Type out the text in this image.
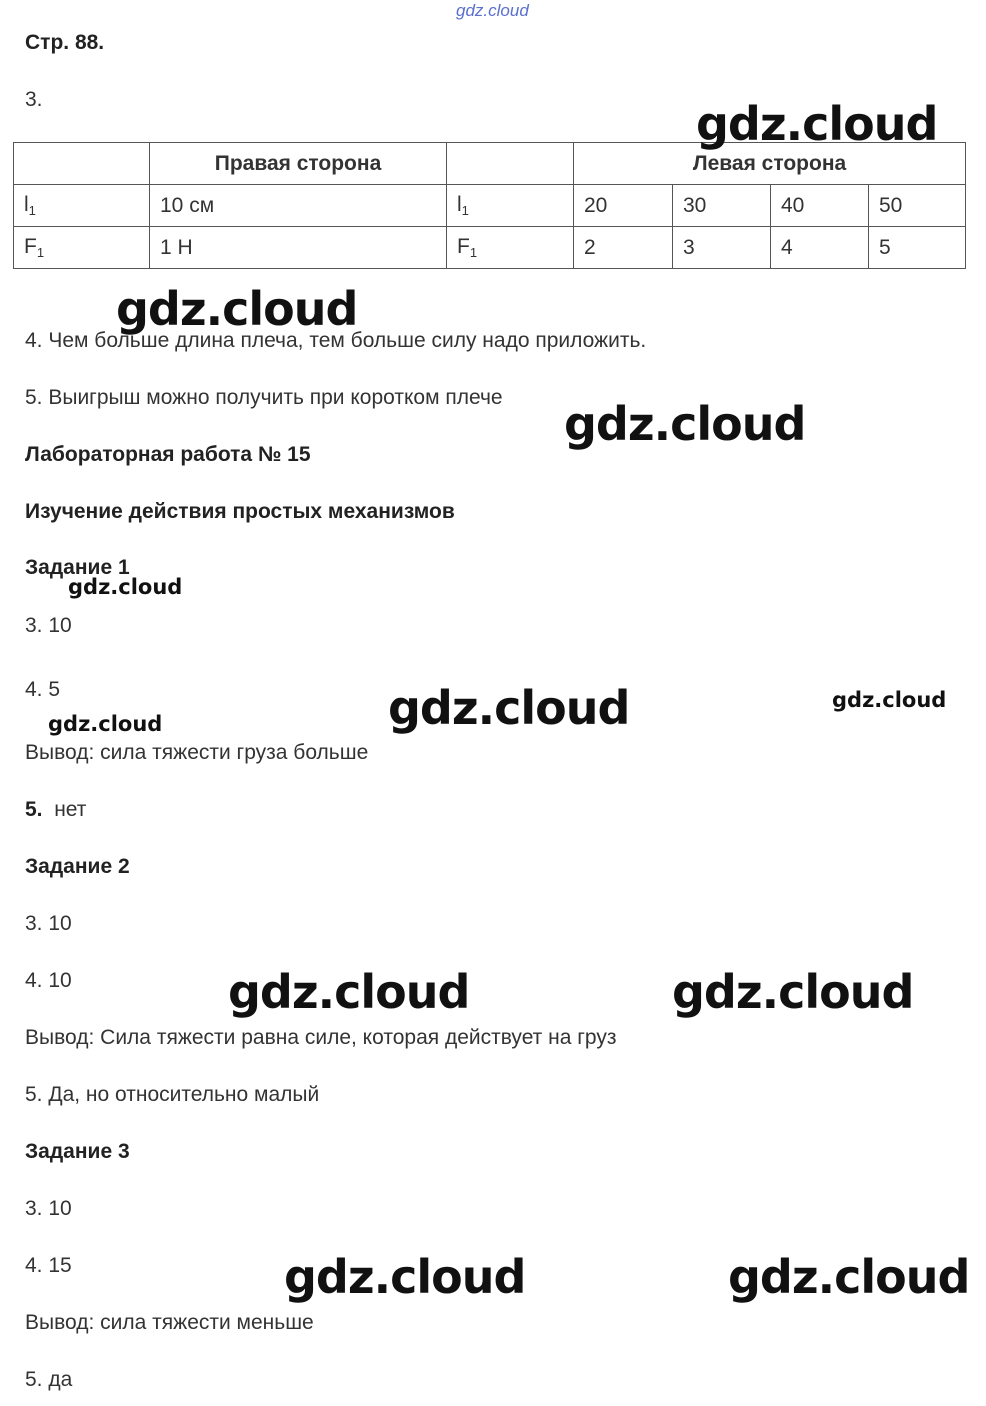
gdz.cloud
Стр. 88.
3.
	Правая сторона		Левая сторона			
$l_1$	10 см	$l_1$	20	30	40	50
$F_1$	1 Н	$F_1$	2	3	4	5
4. Чем больше длина плеча, тем больше силу надо приложить.
5. Выигрыш можно получить при коротком плече
Лабораторная работа № 15
Изучение действия простых механизмов
Задание 1
3. 10
4. 5
Вывод: сила тяжести груза больше
5. нет
Задание 2
3. 10
4. 10
Вывод: Сила тяжести равна силе, которая действует на груз
5. Да, но относительно малый
Задание 3
3. 10
4. 15
Вывод: сила тяжести меньше
5. да
gdz.cloud
gdz.cloud
gdz.cloud
gdz.cloud
gdz.cloud	gdz.cloud
gdz.cloud
gdz.cloud	gdz.cloud
gdz.cloud	gdz.cloud
